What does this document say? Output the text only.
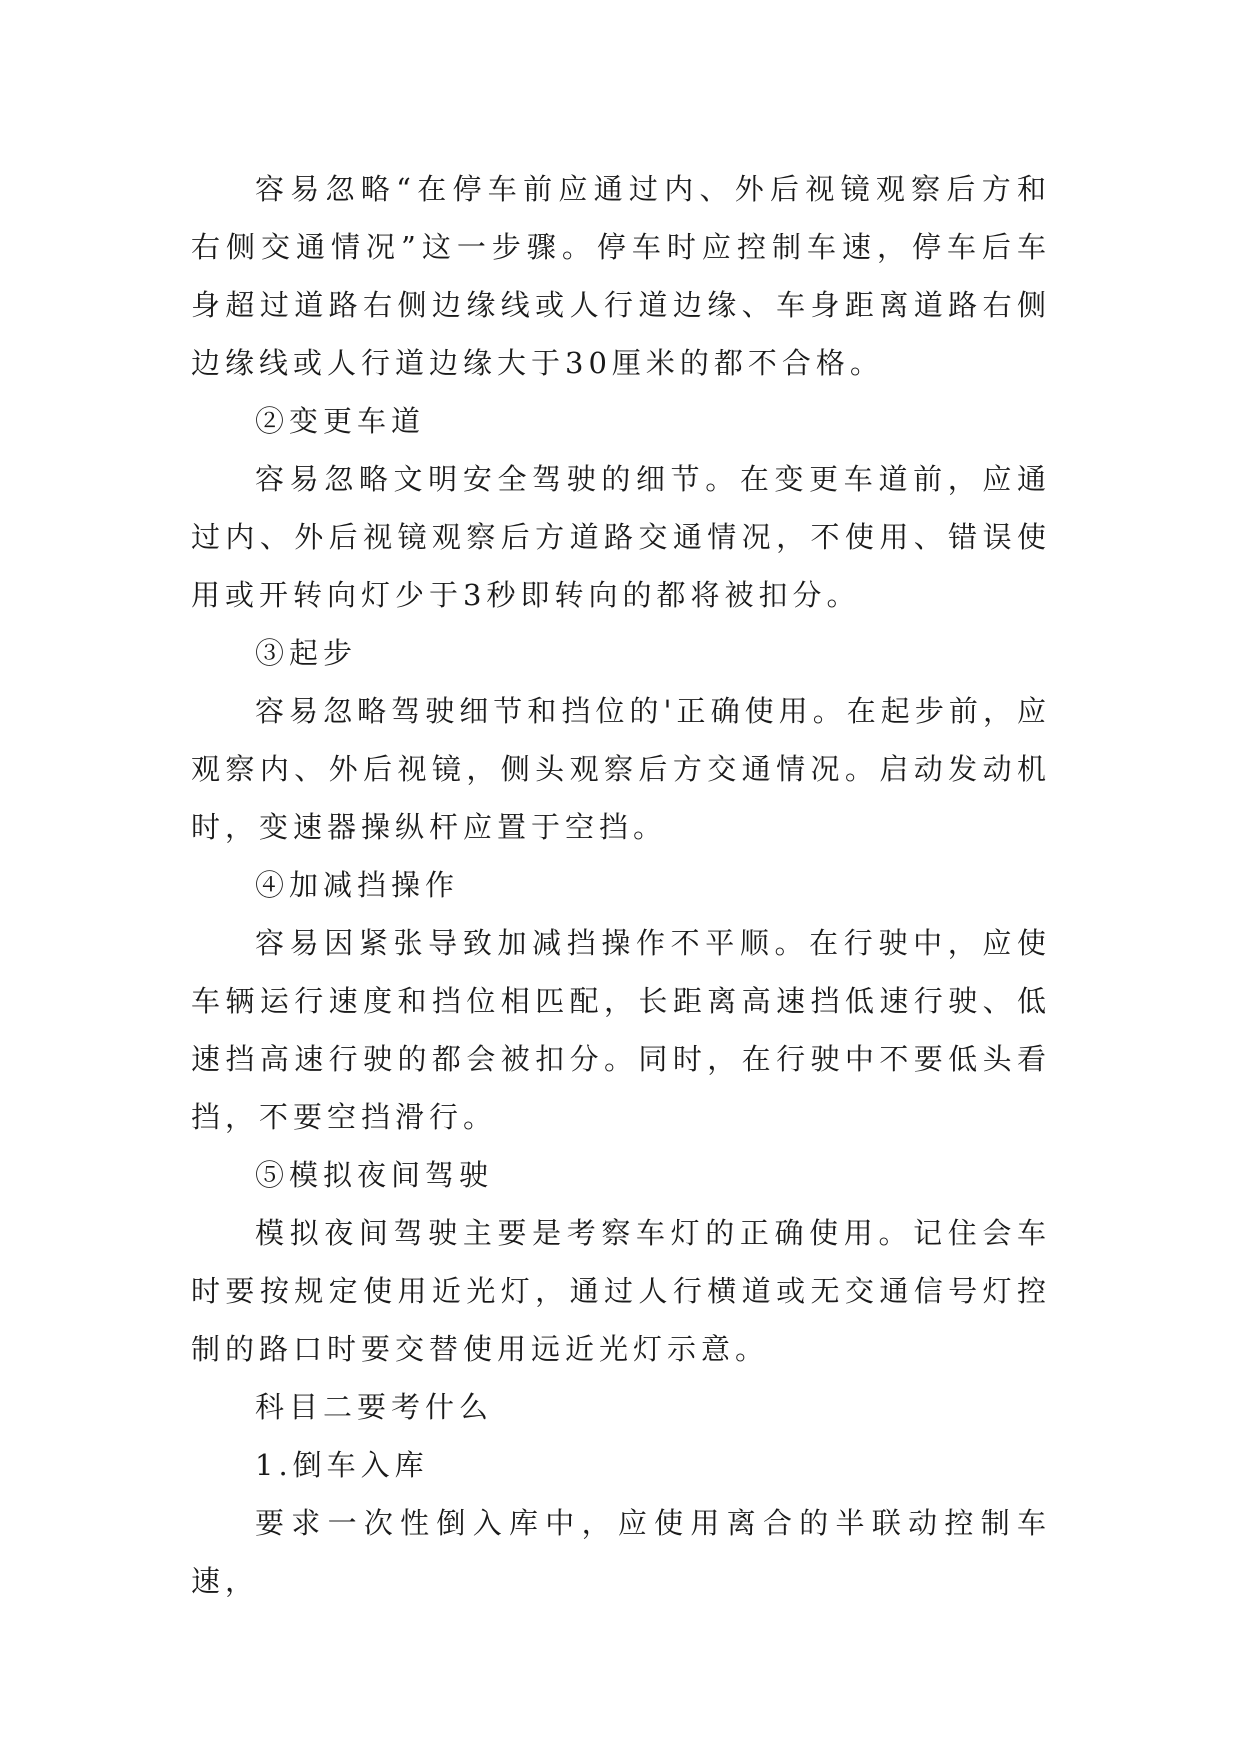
容易忽略“在停车前应通过内、外后视镜观察后方和右侧交通情况”这一步骤。停车时应控制车速，停车后车身超过道路右侧边缘线或人行道边缘、车身距离道路右侧边缘线或人行道边缘大于30厘米的都不合格。

②变更车道

容易忽略文明安全驾驶的细节。在变更车道前，应通过内、外后视镜观察后方道路交通情况，不使用、错误使用或开转向灯少于3秒即转向的都将被扣分。

③起步

容易忽略驾驶细节和挡位的'正确使用。在起步前，应观察内、外后视镜，侧头观察后方交通情况。启动发动机时，变速器操纵杆应置于空挡。

④加减挡操作

容易因紧张导致加减挡操作不平顺。在行驶中，应使车辆运行速度和挡位相匹配，长距离高速挡低速行驶、低速挡高速行驶的都会被扣分。同时，在行驶中不要低头看挡，不要空挡滑行。

⑤模拟夜间驾驶

模拟夜间驾驶主要是考察车灯的正确使用。记住会车时要按规定使用近光灯，通过人行横道或无交通信号灯控制的路口时要交替使用远近光灯示意。

科目二要考什么

1.倒车入库

要求一次性倒入库中，应使用离合的半联动控制车速，
